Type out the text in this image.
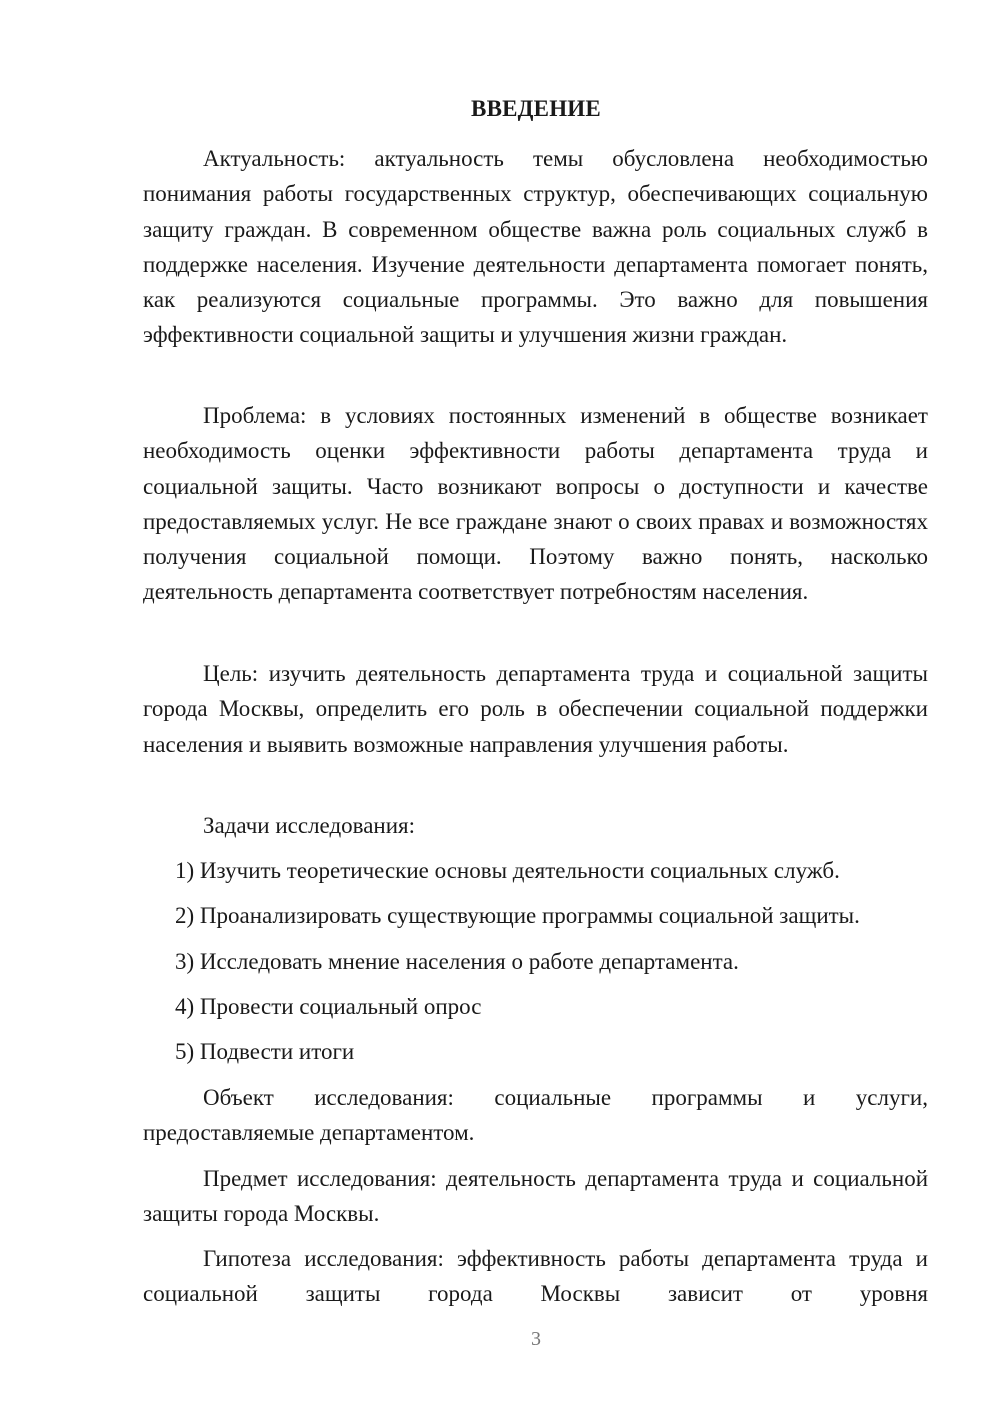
ВВЕДЕНИЕ

Актуальность: актуальность темы обусловлена необходимостью понимания работы государственных структур, обеспечивающих социальную защиту граждан. В современном обществе важна роль социальных служб в поддержке населения. Изучение деятельности департамента помогает понять, как реализуются социальные программы. Это важно для повышения эффективности социальной защиты и улучшения жизни граждан.

Проблема: в условиях постоянных изменений в обществе возникает необходимость оценки эффективности работы департамента труда и социальной защиты. Часто возникают вопросы о доступности и качестве предоставляемых услуг. Не все граждане знают о своих правах и возможностях получения социальной помощи. Поэтому важно понять, насколько деятельность департамента соответствует потребностям населения.

Цель: изучить деятельность департамента труда и социальной защиты города Москвы, определить его роль в обеспечении социальной поддержки населения и выявить возможные направления улучшения работы.

Задачи исследования:

1) Изучить теоретические основы деятельности социальных служб.
2) Проанализировать существующие программы социальной защиты.
3) Исследовать мнение населения о работе департамента.
4) Провести социальный опрос
5) Подвести итоги

Объект исследования: социальные программы и услуги, предоставляемые департаментом.

Предмет исследования: деятельность департамента труда и социальной защиты города Москвы.

Гипотеза исследования: эффективность работы департамента труда и социальной защиты города Москвы зависит от уровня

3
